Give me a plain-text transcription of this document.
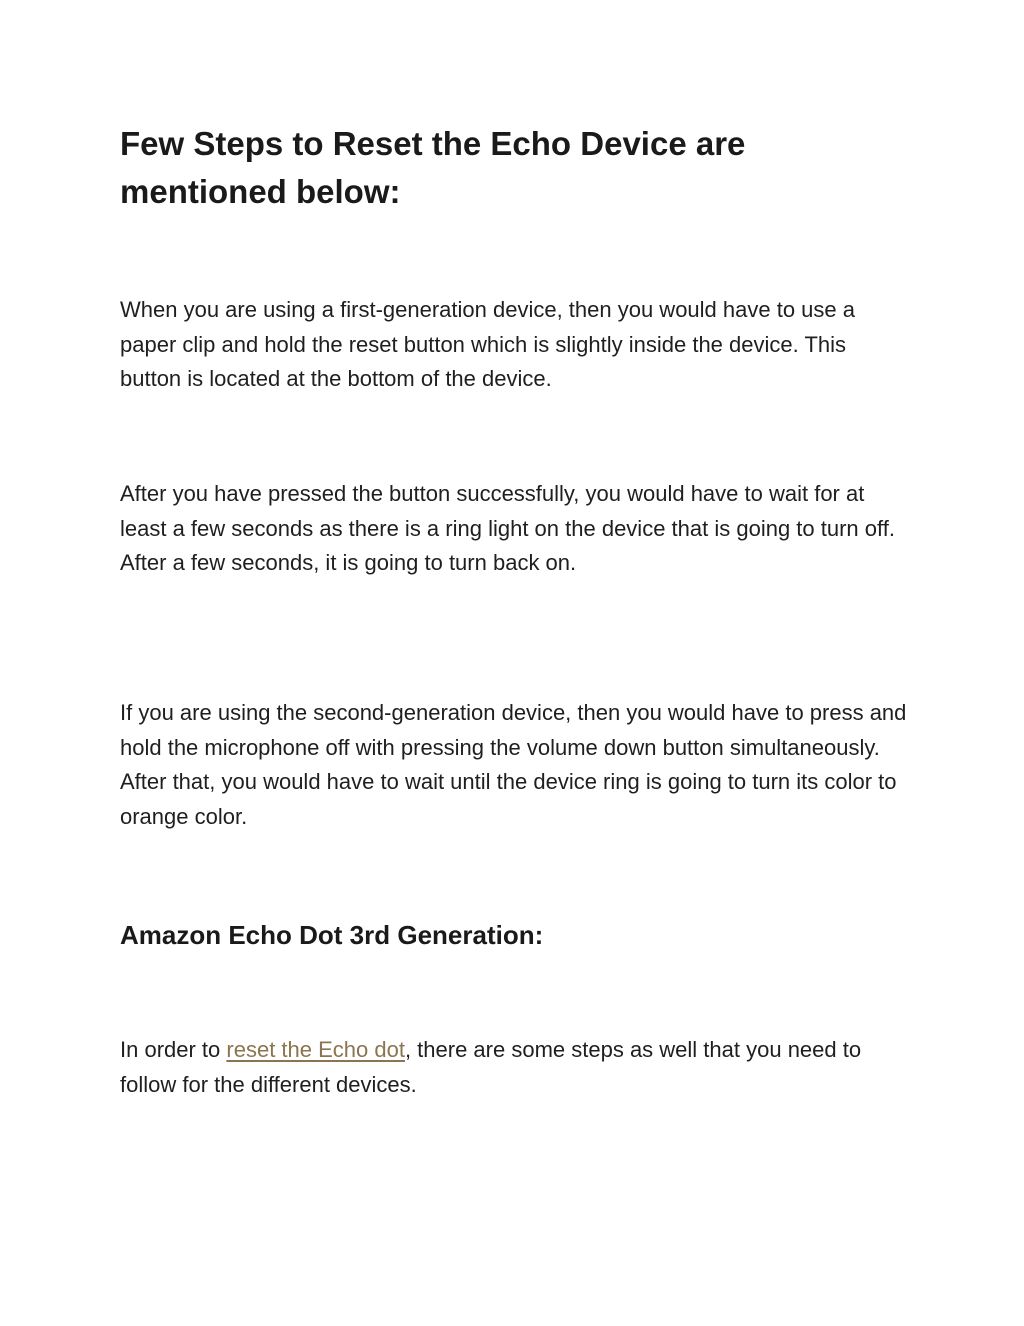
Few Steps to Reset the Echo Device are mentioned below:

When you are using a first-generation device, then you would have to use a paper clip and hold the reset button which is slightly inside the device. This button is located at the bottom of the device.

After you have pressed the button successfully, you would have to wait for at least a few seconds as there is a ring light on the device that is going to turn off. After a few seconds, it is going to turn back on.

If you are using the second-generation device, then you would have to press and hold the microphone off with pressing the volume down button simultaneously. After that, you would have to wait until the device ring is going to turn its color to orange color.

Amazon Echo Dot 3rd Generation:

In order to reset the Echo dot, there are some steps as well that you need to follow for the different devices.
